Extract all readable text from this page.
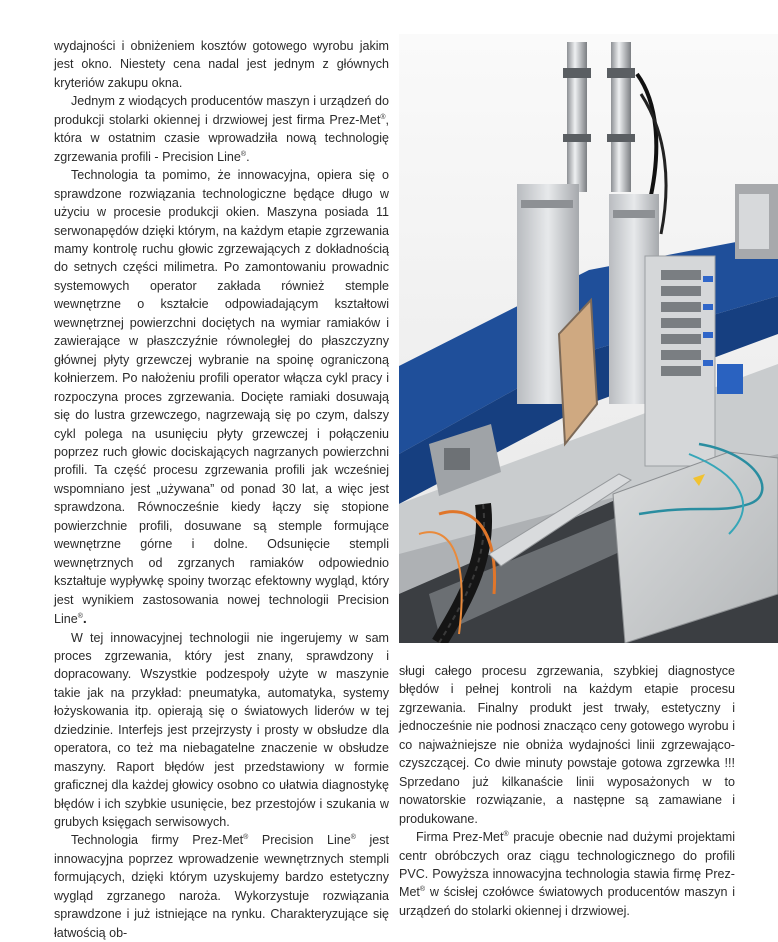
wydajności i obniżeniem kosztów gotowego wyrobu jakim jest okno. Niestety cena nadal jest jednym z głównych kryteriów zakupu okna.

Jednym z wiodących producentów maszyn i urządzeń do produkcji stolarki okiennej i drzwiowej jest firma Prez-Met®, która w ostatnim czasie wprowadziła nową technologię zgrzewania profili - Precision Line®.

Technologia ta pomimo, że innowacyjna, opiera się o sprawdzone rozwiązania technologiczne będące długo w użyciu w procesie produkcji okien. Maszyna posiada 11 serwonapędów dzięki którym, na każdym etapie zgrzewania mamy kontrolę ruchu głowic zgrzewających z dokładnością do setnych części milimetra. Po zamontowaniu prowadnic systemowych operator zakłada również stemple wewnętrzne o kształcie odpowiadającym kształtowi wewnętrznej powierzchni dociętych na wymiar ramiaków i zawierające w płaszczyźnie równoległej do płaszczyzny głównej płyty grzewczej wybranie na spoinę ograniczoną kołnierzem. Po nałożeniu profili operator włącza cykl pracy i rozpoczyna proces zgrzewania. Docięte ramiaki dosuwają się do lustra grzewczego, nagrzewają się po czym, dalszy cykl polega na usunięciu płyty grzewczej i połączeniu poprzez ruch głowic dociskających nagrzanych powierzchni profili. Ta część procesu zgrzewania profili jak wcześniej wspomniano jest „używana” od ponad 30 lat, a więc jest sprawdzona. Równocześnie kiedy łączy się stopione powierzchnie profili, dosuwane są stemple formujące wewnętrzne górne i dolne. Odsunięcie stempli wewnętrznych od zgrzanych ramiaków odpowiednio kształtuje wypływkę spoiny tworząc efektowny wygląd, który jest wynikiem zastosowania nowej technologii Precision Line®.

W tej innowacyjnej technologii nie ingerujemy w sam proces zgrzewania, który jest znany, sprawdzony i dopracowany. Wszystkie podzespoły użyte w maszynie takie jak na przykład: pneumatyka, automatyka, systemy łożyskowania itp. opierają się o światowych liderów w tej dziedzinie. Interfejs jest przejrzysty i prosty w obsłudze dla operatora, co też ma niebagatelne znaczenie w obsłudze maszyny. Raport błędów jest przedstawiony w formie graficznej dla każdej głowicy osobno co ułatwia diagnostykę błędów i ich szybkie usunięcie, bez przestojów i szukania w grubych księgach serwisowych.

Technologia firmy Prez-Met® Precision Line® jest innowacyjna poprzez wprowadzenie wewnętrznych stempli formujących, dzięki którym uzyskujemy bardzo estetyczny wygląd zgrzanego naroża. Wykorzystuje rozwiązania sprawdzone i już istniejące na rynku. Charakteryzujące się łatwością ob-

sługi całego procesu zgrzewania, szybkiej diagnostyce błędów i pełnej kontroli na każdym etapie procesu zgrzewania. Finalny produkt jest trwały, estetyczny i jednocześnie nie podnosi znacząco ceny gotowego wyrobu i co najważniejsze nie obniża wydajności linii zgrzewająco-czyszczącej. Co dwie minuty powstaje gotowa zgrzewka !!! Sprzedano już kilkanaście linii wyposażonych w to nowatorskie rozwiązanie, a następne są zamawiane i produkowane.

Firma Prez-Met® pracuje obecnie nad dużymi projektami centr obróbczych oraz ciągu technologicznego do profili PVC. Powyższa innowacyjna technologia stawia firmę Prez-Met® w ścisłej czołówce światowych producentów maszyn i urządzeń do stolarki okiennej i drzwiowej.
